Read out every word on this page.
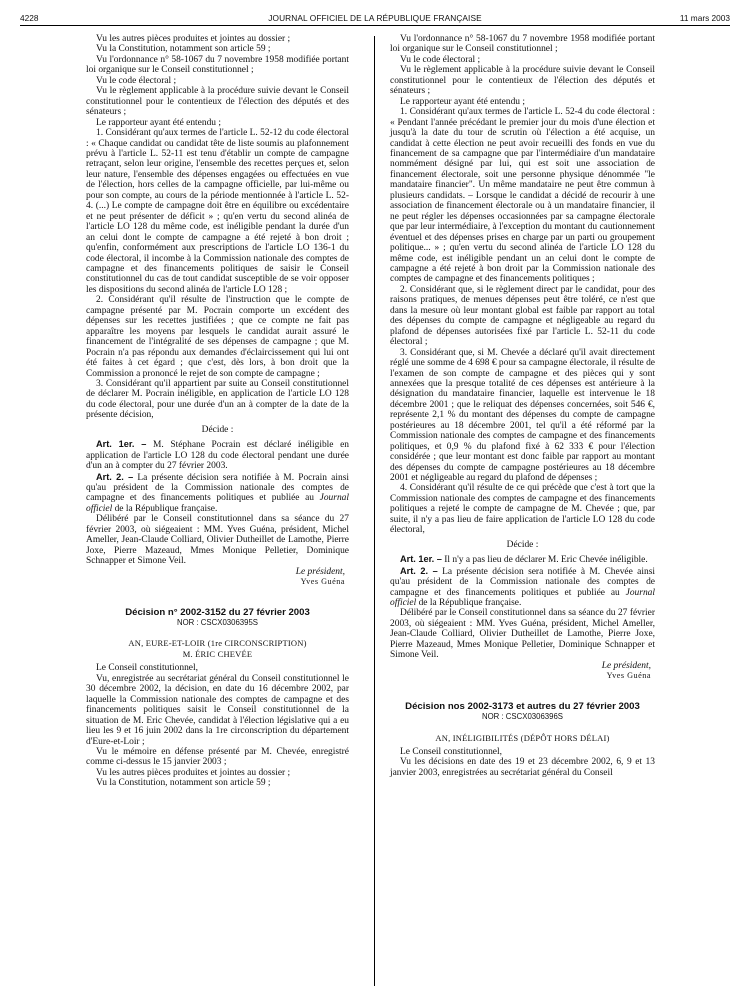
4228	JOURNAL OFFICIEL DE LA RÉPUBLIQUE FRANÇAISE	11 mars 2003

Vu les autres pièces produites et jointes au dossier ;

Vu la Constitution, notamment son article 59 ;

Vu l'ordonnance n° 58-1067 du 7 novembre 1958 modifiée portant loi organique sur le Conseil constitutionnel ;

Vu le code électoral ;

Vu le règlement applicable à la procédure suivie devant le Conseil constitutionnel pour le contentieux de l'élection des députés et des sénateurs ;

Le rapporteur ayant été entendu ;

1. Considérant qu'aux termes de l'article L. 52-12 du code électoral : « Chaque candidat ou candidat tête de liste soumis au plafonnement prévu à l'article L. 52-11 est tenu d'établir un compte de campagne retraçant, selon leur origine, l'ensemble des recettes perçues et, selon leur nature, l'ensemble des dépenses engagées ou effectuées en vue de l'élection, hors celles de la campagne officielle, par lui-même ou pour son compte, au cours de la période mentionnée à l'article L. 52-4. (...) Le compte de campagne doit être en équilibre ou excédentaire et ne peut présenter de déficit » ; qu'en vertu du second alinéa de l'article LO 128 du même code, est inéligible pendant la durée d'un an celui dont le compte de campagne a été rejeté à bon droit ; qu'enfin, conformément aux prescriptions de l'article LO 136-1 du code électoral, il incombe à la Commission nationale des comptes de campagne et des financements politiques de saisir le Conseil constitutionnel du cas de tout candidat susceptible de se voir opposer les dispositions du second alinéa de l'article LO 128 ;

2. Considérant qu'il résulte de l'instruction que le compte de campagne présenté par M. Pocrain comporte un excédent des dépenses sur les recettes justifiées ; que ce compte ne fait pas apparaître les moyens par lesquels le candidat aurait assuré le financement de l'intégralité de ses dépenses de campagne ; que M. Pocrain n'a pas répondu aux demandes d'éclaircissement qui lui ont été faites à cet égard ; que c'est, dès lors, à bon droit que la Commission a prononcé le rejet de son compte de campagne ;

3. Considérant qu'il appartient par suite au Conseil constitutionnel de déclarer M. Pocrain inéligible, en application de l'article LO 128 du code électoral, pour une durée d'un an à compter de la date de la présente décision,

Décide :

Art. 1er. – M. Stéphane Pocrain est déclaré inéligible en application de l'article LO 128 du code électoral pendant une durée d'un an à compter du 27 février 2003.

Art. 2. – La présente décision sera notifiée à M. Pocrain ainsi qu'au président de la Commission nationale des comptes de campagne et des financements politiques et publiée au Journal officiel de la République française.

Délibéré par le Conseil constitutionnel dans sa séance du 27 février 2003, où siégeaient : MM. Yves Guéna, président, Michel Ameller, Jean-Claude Colliard, Olivier Dutheillet de Lamothe, Pierre Joxe, Pierre Mazeaud, Mmes Monique Pelletier, Dominique Schnapper et Simone Veil.

Le président,

Yves Guéna

Décision n° 2002-3152 du 27 février 2003

NOR : CSCX0306395S

AN, EURE-ET-LOIR (1re CIRCONSCRIPTION)

M. ÉRIC CHEVÉE

Le Conseil constitutionnel,

Vu, enregistrée au secrétariat général du Conseil constitutionnel le 30 décembre 2002, la décision, en date du 16 décembre 2002, par laquelle la Commission nationale des comptes de campagne et des financements politiques saisit le Conseil constitutionnel de la situation de M. Eric Chevée, candidat à l'élection législative qui a eu lieu les 9 et 16 juin 2002 dans la 1re circonscription du département d'Eure-et-Loir ;

Vu le mémoire en défense présenté par M. Chevée, enregistré comme ci-dessus le 15 janvier 2003 ;

Vu les autres pièces produites et jointes au dossier ;

Vu la Constitution, notamment son article 59 ;

Vu l'ordonnance n° 58-1067 du 7 novembre 1958 modifiée portant loi organique sur le Conseil constitutionnel ;

Vu le code électoral ;

Vu le règlement applicable à la procédure suivie devant le Conseil constitutionnel pour le contentieux de l'élection des députés et sénateurs ;

Le rapporteur ayant été entendu ;

1. Considérant qu'aux termes de l'article L. 52-4 du code électoral : « Pendant l'année précédant le premier jour du mois d'une élection et jusqu'à la date du tour de scrutin où l'élection a été acquise, un candidat à cette élection ne peut avoir recueilli des fonds en vue du financement de sa campagne que par l'intermédiaire d'un mandataire nommément désigné par lui, qui est soit une association de financement électorale, soit une personne physique dénommée "le mandataire financier". Un même mandataire ne peut être commun à plusieurs candidats. – Lorsque le candidat a décidé de recourir à une association de financement électorale ou à un mandataire financier, il ne peut régler les dépenses occasionnées par sa campagne électorale que par leur intermédiaire, à l'exception du montant du cautionnement éventuel et des dépenses prises en charge par un parti ou groupement politique... » ; qu'en vertu du second alinéa de l'article LO 128 du même code, est inéligible pendant un an celui dont le compte de campagne a été rejeté à bon droit par la Commission nationale des comptes de campagne et des financements politiques ;

2. Considérant que, si le règlement direct par le candidat, pour des raisons pratiques, de menues dépenses peut être toléré, ce n'est que dans la mesure où leur montant global est faible par rapport au total des dépenses du compte de campagne et négligeable au regard du plafond de dépenses autorisées fixé par l'article L. 52-11 du code électoral ;

3. Considérant que, si M. Chevée a déclaré qu'il avait directement réglé une somme de 4 698 € pour sa campagne électorale, il résulte de l'examen de son compte de campagne et des pièces qui y sont annexées que la presque totalité de ces dépenses est antérieure à la désignation du mandataire financier, laquelle est intervenue le 18 décembre 2001 ; que le reliquat des dépenses concernées, soit 546 €, représente 2,1 % du montant des dépenses du compte de campagne postérieures au 18 décembre 2001, tel qu'il a été réformé par la Commission nationale des comptes de campagne et des financements politiques, et 0,9 % du plafond fixé à 62 333 € pour l'élection considérée ; que leur montant est donc faible par rapport au montant des dépenses du compte de campagne postérieures au 18 décembre 2001 et négligeable au regard du plafond de dépenses ;

4. Considérant qu'il résulte de ce qui précède que c'est à tort que la Commission nationale des comptes de campagne et des financements politiques a rejeté le compte de campagne de M. Chevée ; que, par suite, il n'y a pas lieu de faire application de l'article LO 128 du code électoral,

Décide :

Art. 1er. – Il n'y a pas lieu de déclarer M. Eric Chevée inéligible.

Art. 2. – La présente décision sera notifiée à M. Chevée ainsi qu'au président de la Commission nationale des comptes de campagne et des financements politiques et publiée au Journal officiel de la République française.

Délibéré par le Conseil constitutionnel dans sa séance du 27 février 2003, où siégeaient : MM. Yves Guéna, président, Michel Ameller, Jean-Claude Colliard, Olivier Dutheillet de Lamothe, Pierre Joxe, Pierre Mazeaud, Mmes Monique Pelletier, Dominique Schnapper et Simone Veil.

Le président,

Yves Guéna

Décision nos 2002-3173 et autres du 27 février 2003

NOR : CSCX0306396S

AN, INÉLIGIBILITÉS (DÉPÔT HORS DÉLAI)

Le Conseil constitutionnel,

Vu les décisions en date des 19 et 23 décembre 2002, 6, 9 et 13 janvier 2003, enregistrées au secrétariat général du Conseil
